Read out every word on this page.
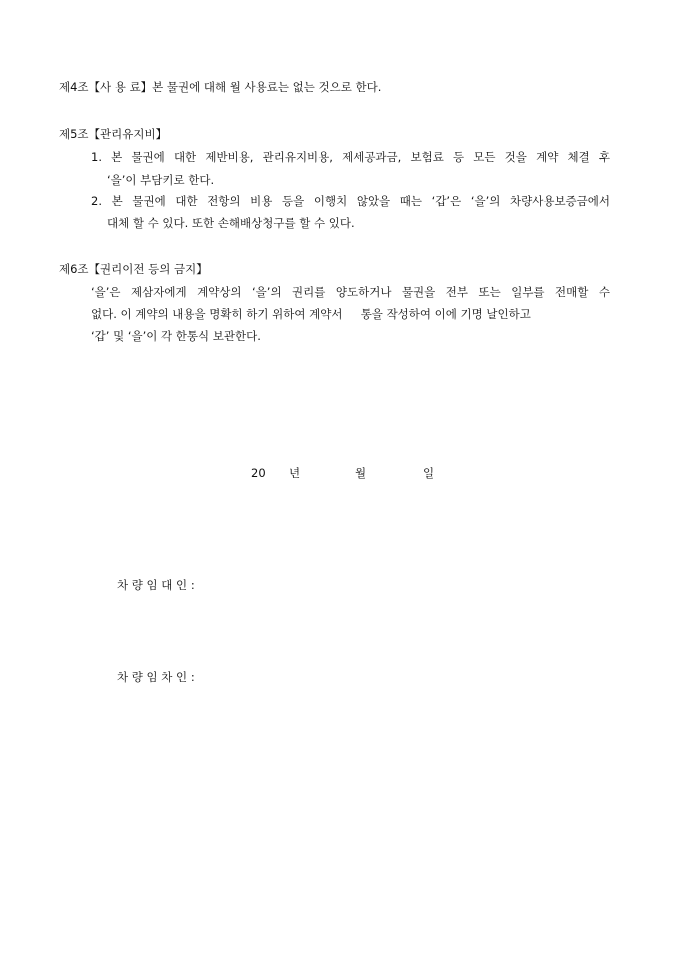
제4조【사 용 료】본 물권에 대해 월 사용료는 없는 것으로 한다.
제5조【관리유지비】
1. 본 물권에 대한 제반비용, 관리유지비용, 제세공과금, 보험료 등 모든 것을 계약 체결 후
‘을’이 부담키로 한다.
2. 본 물권에 대한 전항의 비용 등을 이행치 않았을 때는 ‘갑’은 ‘을’의 차량사용보증금에서
대체 할 수 있다. 또한 손해배상청구를 할 수 있다.
제6조【권리이전 등의 금지】
‘을’은 제삼자에게 계약상의 ‘을’의 권리를 양도하거나 물권을 전부 또는 일부를 전매할 수
없다. 이 계약의 내용을 명확히 하기 위하여 계약서     통을 작성하여 이에 기명 날인하고
‘갑’ 및 ‘을’이 각 한통식 보관한다.
20 년	월	일
차 량 임 대 인 :
차 량 임 차 인 :
